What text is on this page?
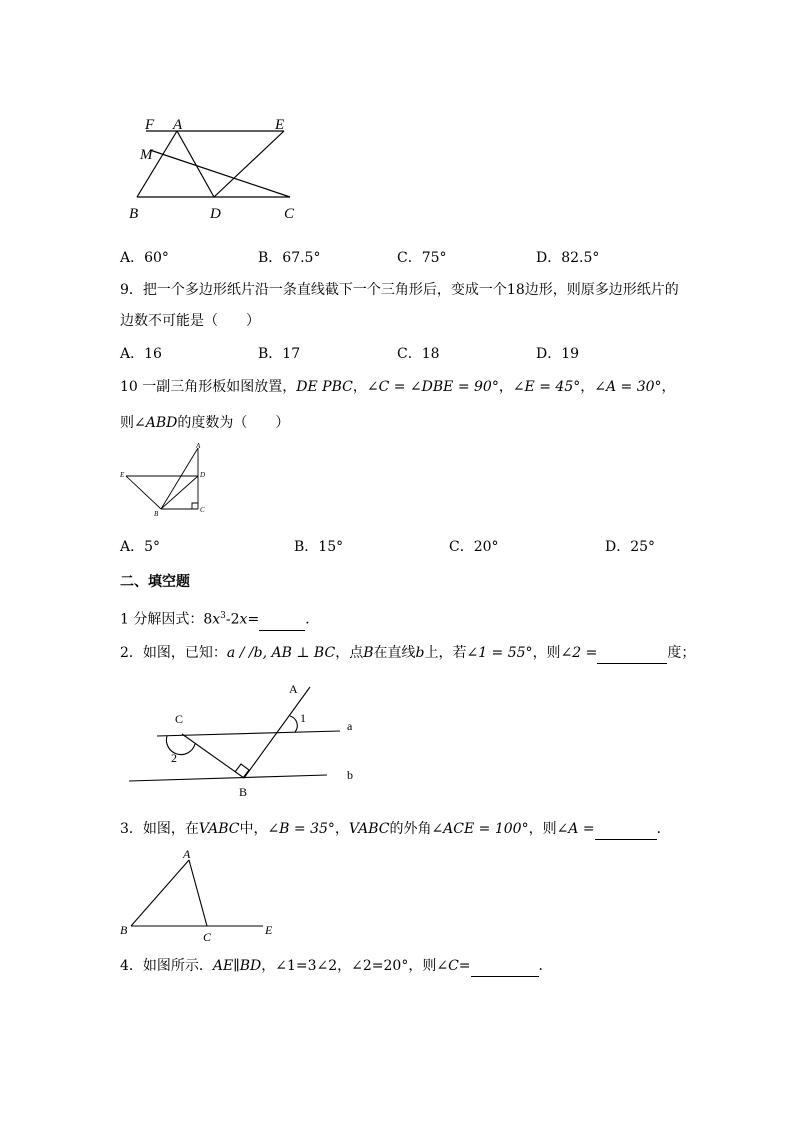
F A	E
M
B	D	C
A．60°	B．67.5°	C．75°	D．82.5°
9．把一个多边形纸片沿一条直线截下一个三角形后，变成一个18边形，则原多边形纸片的
边数不可能是（　　）
A．16	B．17	C．18	D．19
10 一副三角形板如图放置，DE PBC，∠C = ∠DBE = 90°，∠E = 45°，∠A = 30°，
则∠ABD的度数为（　　）
A
E	D
B	C
A．5°	B．15°	C．20°	D．25°
二、填空题
1 分解因式：$8x^3-2x=$	．
2．如图，已知：a / /b, AB ⊥ BC，点B在直线b上，若∠1 = 55°，则∠2 =	度；
A
1
a
C
2
b
B
3．如图，在VABC中，∠B = 35°，VABC的外角∠ACE = 100°，则∠A =	．
A
B	C	E
4．如图所示．AE∥BD，∠1=3∠2，∠2=20°，则∠C=	．
